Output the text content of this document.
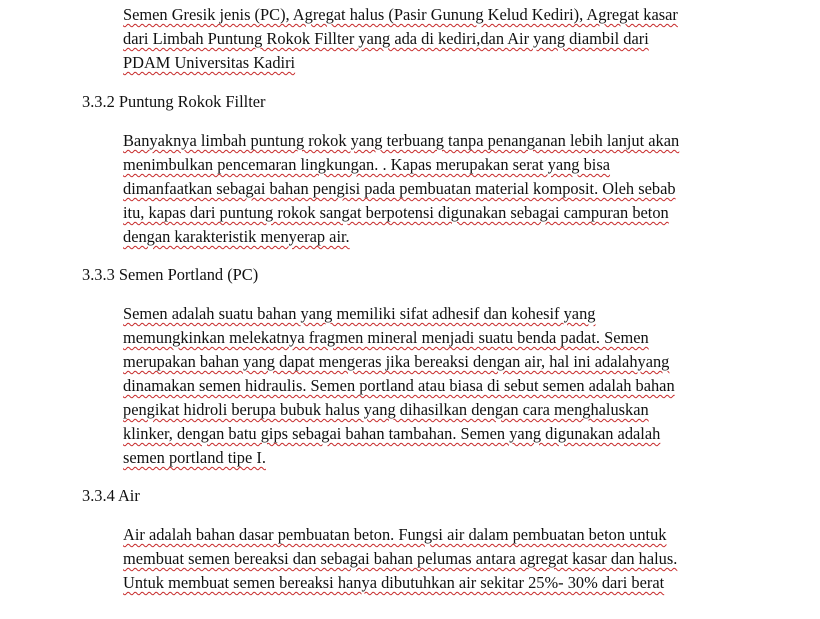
Semen Gresik jenis (PC), Agregat halus (Pasir Gunung Kelud Kediri), Agregat kasar
dari Limbah Puntung Rokok Fillter yang ada di kediri,dan Air yang diambil dari
PDAM Universitas Kadiri
3.3.2 Puntung Rokok Fillter
Banyaknya limbah puntung rokok yang terbuang tanpa penanganan lebih lanjut akan
menimbulkan pencemaran lingkungan. . Kapas merupakan serat yang bisa
dimanfaatkan sebagai bahan pengisi pada pembuatan material komposit. Oleh sebab
itu, kapas dari puntung rokok sangat berpotensi digunakan sebagai campuran beton
dengan karakteristik menyerap air.
3.3.3 Semen Portland (PC)
Semen adalah suatu bahan yang memiliki sifat adhesif dan kohesif yang
memungkinkan melekatnya fragmen mineral menjadi suatu benda padat. Semen
merupakan bahan yang dapat mengeras jika bereaksi dengan air, hal ini adalahyang
dinamakan semen hidraulis. Semen portland atau biasa di sebut semen adalah bahan
pengikat hidroli berupa bubuk halus yang dihasilkan dengan cara menghaluskan
klinker, dengan batu gips sebagai bahan tambahan. Semen yang digunakan adalah
semen portland tipe I.
3.3.4 Air
Air adalah bahan dasar pembuatan beton. Fungsi air dalam pembuatan beton untuk
membuat semen bereaksi dan sebagai bahan pelumas antara agregat kasar dan halus.
Untuk membuat semen bereaksi hanya dibutuhkan air sekitar 25%- 30% dari berat
